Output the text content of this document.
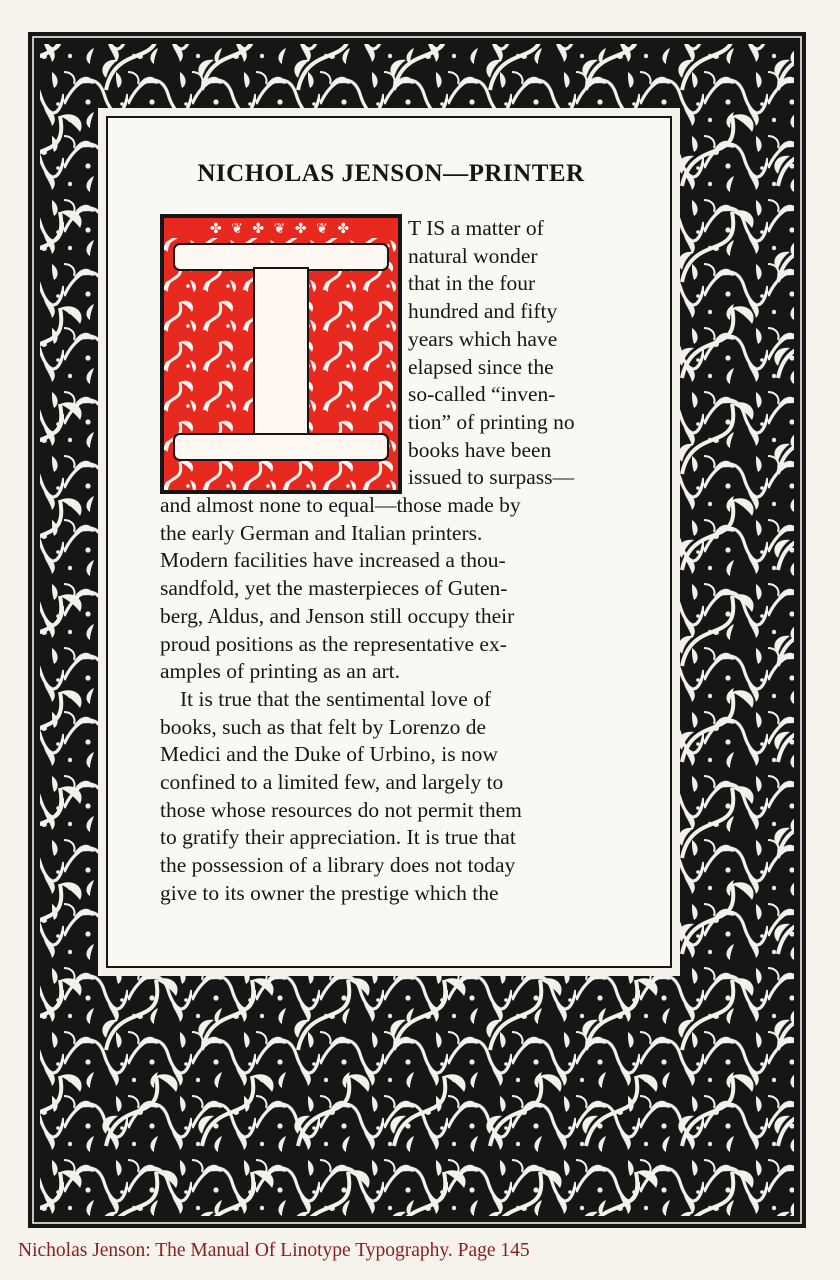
NICHOLAS JENSON—PRINTER
✤ ❦ ✤ ❦ ✤ ❦ ✤
I
T IS a matter of
natural wonder
that in the four
hundred and fifty
years which have
elapsed since the
so-called “inven-
tion” of printing no
books have been
issued to surpass—
and almost none to equal—those made by
the early German and Italian printers.
Modern facilities have increased a thou-
sandfold, yet the masterpieces of Guten-
berg, Aldus, and Jenson still occupy their
proud positions as the representative ex-
amples of printing as an art.
It is true that the sentimental love of
books, such as that felt by Lorenzo de
Medici and the Duke of Urbino, is now
confined to a limited few, and largely to
those whose resources do not permit them
to gratify their appreciation. It is true that
the possession of a library does not today
give to its owner the prestige which the
Nicholas Jenson: The Manual Of Linotype Typography. Page 145
